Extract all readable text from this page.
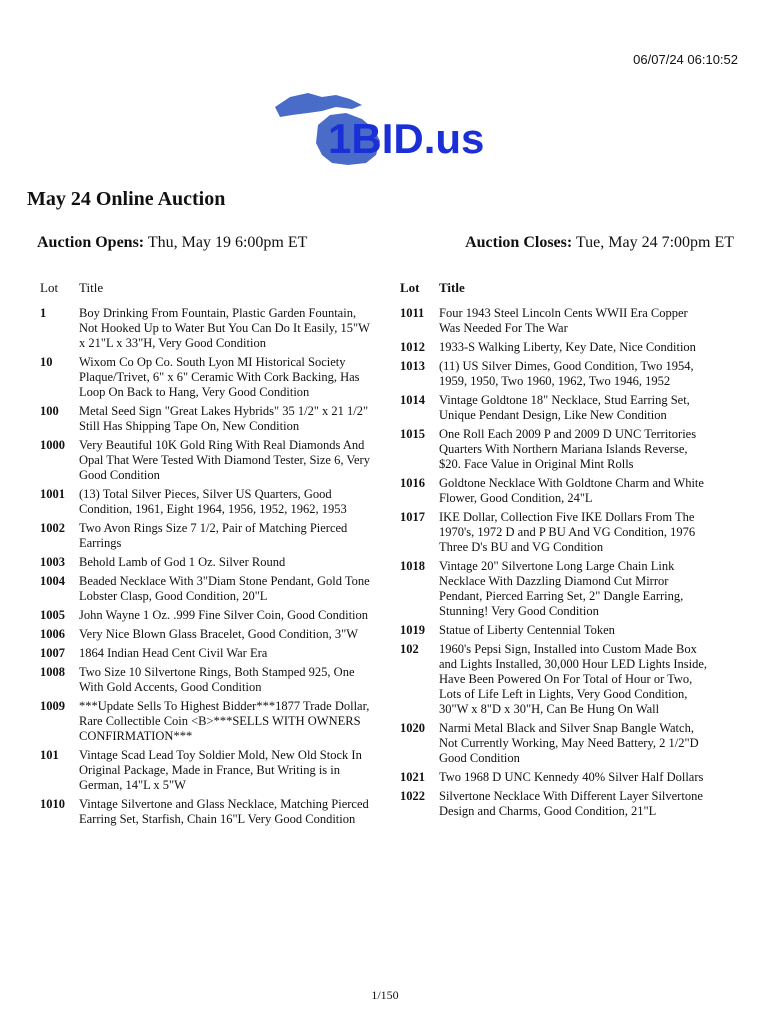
06/07/24 06:10:52
1BID.us
May 24 Online Auction
Auction Opens: Thu, May 19 6:00pm ET	Auction Closes: Tue, May 24 7:00pm ET
Lot	Title
1	Boy Drinking From Fountain, Plastic Garden Fountain, Not Hooked Up to Water But You Can Do It Easily, 15"W x 21"L x 33"H, Very Good Condition
10	Wixom Co Op Co. South Lyon MI Historical Society Plaque/Trivet, 6" x 6" Ceramic With Cork Backing, Has Loop On Back to Hang, Very Good Condition
100	Metal Seed Sign "Great Lakes Hybrids" 35 1/2" x 21 1/2" Still Has Shipping Tape On, New Condition
1000	Very Beautiful 10K Gold Ring With Real Diamonds And Opal That Were Tested With Diamond Tester, Size 6, Very Good Condition
1001	(13) Total Silver Pieces, Silver US Quarters, Good Condition, 1961, Eight 1964, 1956, 1952, 1962, 1953
1002	Two Avon Rings Size 7 1/2, Pair of Matching Pierced Earrings
1003	Behold Lamb of God 1 Oz. Silver Round
1004	Beaded Necklace With 3"Diam Stone Pendant, Gold Tone Lobster Clasp, Good Condition, 20"L
1005	John Wayne 1 Oz. .999 Fine Silver Coin, Good Condition
1006	Very Nice Blown Glass Bracelet, Good Condition, 3"W
1007	1864 Indian Head Cent Civil War Era
1008	Two Size 10 Silvertone Rings, Both Stamped 925, One With Gold Accents, Good Condition
1009	***Update Sells To Highest Bidder***1877 Trade Dollar, Rare Collectible Coin <B>***SELLS WITH OWNERS CONFIRMATION***
101	Vintage Scad Lead Toy Soldier Mold, New Old Stock In Original Package, Made in France, But Writing is in German, 14"L x 5"W
1010	Vintage Silvertone and Glass Necklace, Matching Pierced Earring Set, Starfish, Chain 16"L Very Good Condition
Lot	Title
1011	Four 1943 Steel Lincoln Cents WWII Era Copper Was Needed For The War
1012	1933-S Walking Liberty, Key Date, Nice Condition
1013	(11) US Silver Dimes, Good Condition, Two 1954, 1959, 1950, Two 1960, 1962, Two 1946, 1952
1014	Vintage Goldtone 18" Necklace, Stud Earring Set, Unique Pendant Design, Like New Condition
1015	One Roll Each 2009 P and 2009 D UNC Territories Quarters With Northern Mariana Islands Reverse, $20. Face Value in Original Mint Rolls
1016	Goldtone Necklace With Goldtone Charm and White Flower, Good Condition, 24"L
1017	IKE Dollar, Collection Five IKE Dollars From The 1970's, 1972 D and P BU And VG Condition, 1976 Three D's BU and VG Condition
1018	Vintage 20" Silvertone Long Large Chain Link Necklace With Dazzling Diamond Cut Mirror Pendant, Pierced Earring Set, 2" Dangle Earring, Stunning! Very Good Condition
1019	Statue of Liberty Centennial Token
102	1960's Pepsi Sign, Installed into Custom Made Box and Lights Installed, 30,000 Hour LED Lights Inside, Have Been Powered On For Total of Hour or Two, Lots of Life Left in Lights, Very Good Condition, 30"W x 8"D x 30"H, Can Be Hung On Wall
1020	Narmi Metal Black and Silver Snap Bangle Watch, Not Currently Working, May Need Battery, 2 1/2"D Good Condition
1021	Two 1968 D UNC Kennedy 40% Silver Half Dollars
1022	Silvertone Necklace With Different Layer Silvertone Design and Charms, Good Condition, 21"L
1/150
